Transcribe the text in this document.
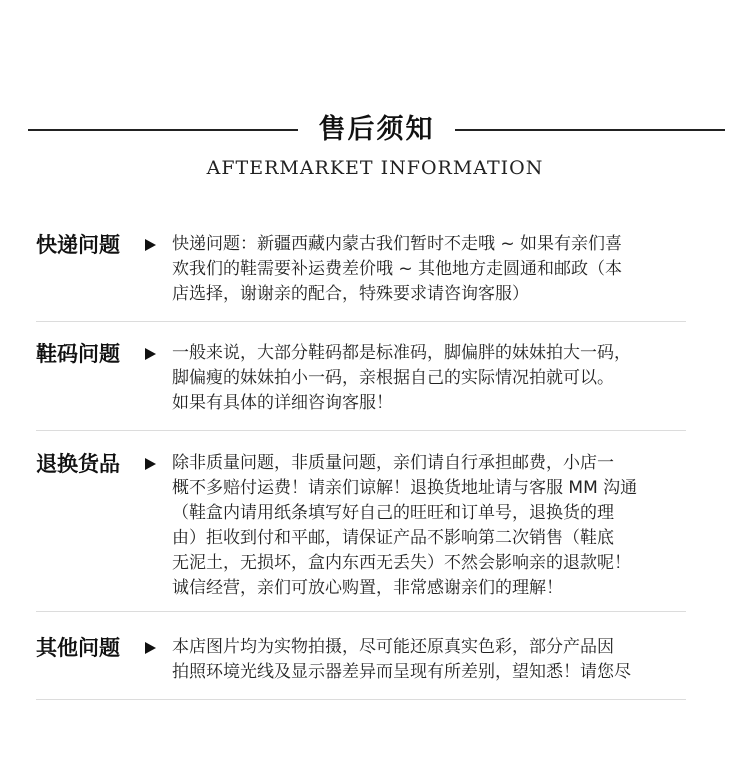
售后须知
AFTERMARKET INFORMATION
快递问题	快递问题：新疆西藏内蒙古我们暂时不走哦 ~ 如果有亲们喜
欢我们的鞋需要补运费差价哦 ~ 其他地方走圆通和邮政（本
店选择，谢谢亲的配合，特殊要求请咨询客服）
鞋码问题	一般来说，大部分鞋码都是标准码，脚偏胖的妹妹拍大一码，
脚偏瘦的妹妹拍小一码，亲根据自己的实际情况拍就可以。
如果有具体的详细咨询客服！
退换货品	除非质量问题，非质量问题，亲们请自行承担邮费，小店一
概不多赔付运费！请亲们谅解！退换货地址请与客服 MM 沟通
（鞋盒内请用纸条填写好自己的旺旺和订单号，退换货的理
由）拒收到付和平邮，请保证产品不影响第二次销售（鞋底
无泥土，无损坏，盒内东西无丢失）不然会影响亲的退款呢！
诚信经营，亲们可放心购置，非常感谢亲们的理解！
其他问题	本店图片均为实物拍摄，尽可能还原真实色彩，部分产品因
拍照环境光线及显示器差异而呈现有所差别，望知悉！请您尽
